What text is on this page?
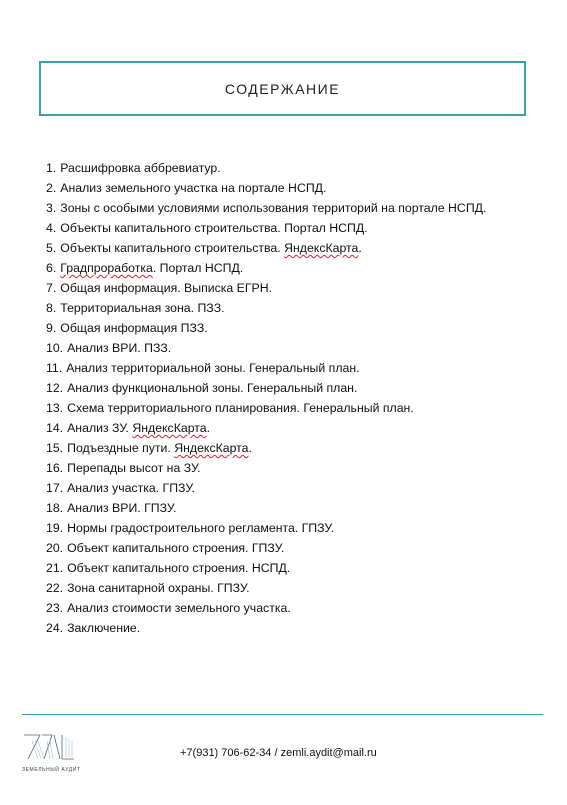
СОДЕРЖАНИЕ
1. Расшифровка аббревиатур.
2. Анализ земельного участка на портале НСПД.
3. Зоны с особыми условиями использования территорий на портале НСПД.
4. Объекты капитального строительства. Портал НСПД.
5. Объекты капитального строительства. ЯндексКарта.
6. Градпроработка. Портал НСПД.
7. Общая информация. Выписка ЕГРН.
8. Территориальная зона. ПЗЗ.
9. Общая информация ПЗЗ.
10. Анализ ВРИ. ПЗЗ.
11. Анализ территориальной зоны. Генеральный план.
12. Анализ функциональной зоны. Генеральный план.
13. Схема территориального планирования. Генеральный план.
14. Анализ ЗУ. ЯндексКарта.
15. Подъездные пути. ЯндексКарта.
16. Перепады высот на ЗУ.
17. Анализ участка. ГПЗУ.
18. Анализ ВРИ. ГПЗУ.
19. Нормы градостроительного регламента. ГПЗУ.
20. Объект капитального строения. ГПЗУ.
21. Объект капитального строения. НСПД.
22. Зона санитарной охраны. ГПЗУ.
23. Анализ стоимости земельного участка.
24. Заключение.
ЗЕМЕЛЬНЫЙ АУДИТ
+7(931) 706-62-34 / zemli.aydit@mail.ru
